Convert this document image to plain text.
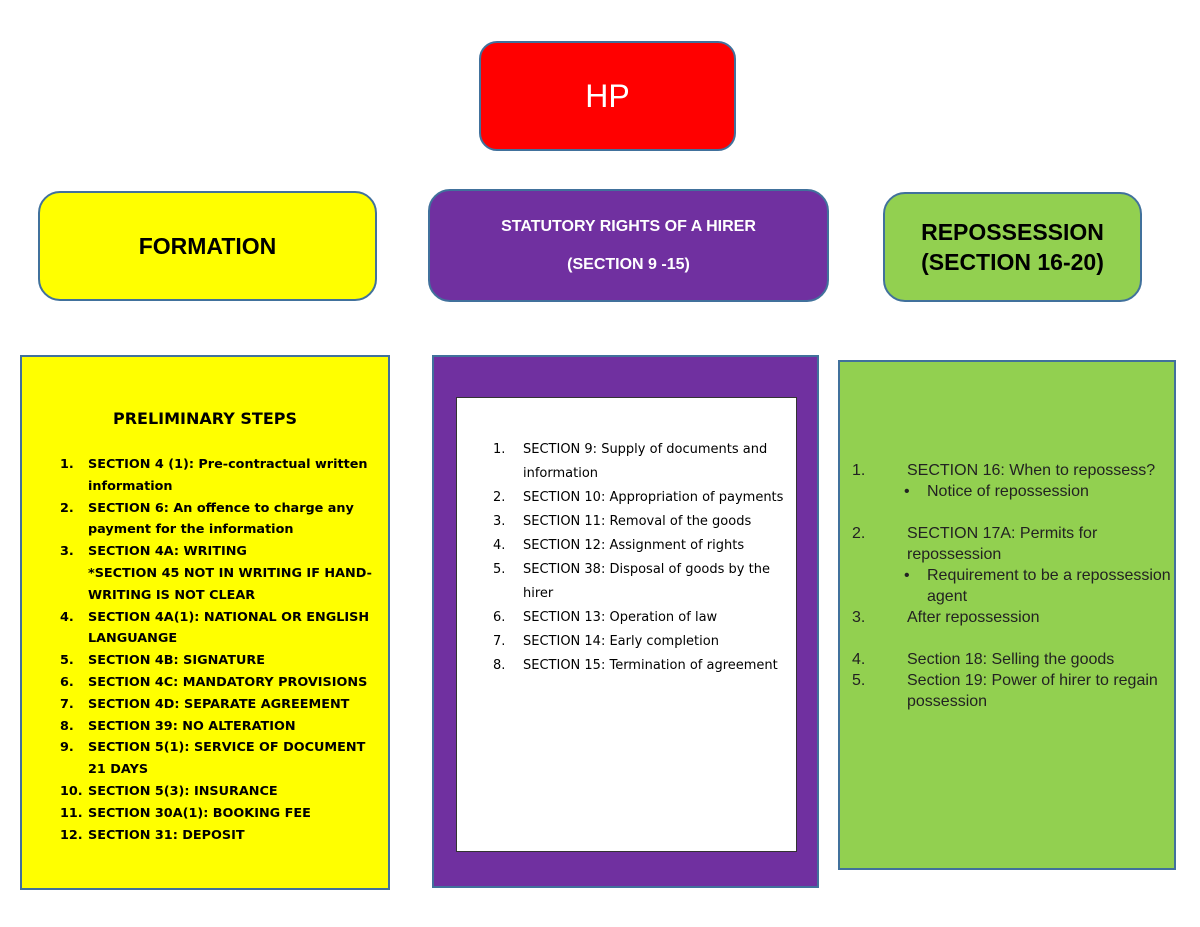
HP
FORMATION
STATUTORY RIGHTS OF A HIRER
(SECTION 9 -15)
REPOSSESSION
(SECTION 16-20)
PRELIMINARY STEPS
1. SECTION 4 (1): Pre-contractual written information
2. SECTION 6: An offence to charge any payment for the information
3. SECTION 4A: WRITING
*SECTION 45 NOT IN WRITING IF HAND-WRITING IS NOT CLEAR
4. SECTION 4A(1): NATIONAL OR ENGLISH LANGUANGE
5. SECTION 4B: SIGNATURE
6. SECTION 4C: MANDATORY PROVISIONS
7. SECTION 4D: SEPARATE AGREEMENT
8. SECTION 39: NO ALTERATION
9. SECTION 5(1): SERVICE OF DOCUMENT 21 DAYS
10. SECTION 5(3): INSURANCE
11. SECTION 30A(1): BOOKING FEE
12. SECTION 31: DEPOSIT
1. SECTION 9: Supply of documents and information
2. SECTION 10: Appropriation of payments
3. SECTION 11: Removal of the goods
4. SECTION 12: Assignment of rights
5. SECTION 38: Disposal of goods by the hirer
6. SECTION 13: Operation of law
7. SECTION 14: Early completion
8. SECTION 15: Termination of agreement
1.	SECTION 16: When to repossess?
• Notice of repossession
2.	SECTION 17A: Permits for repossession
• Requirement to be a repossession agent
3.	After repossession
4.	Section 18: Selling the goods
5.	Section 19: Power of hirer to regain possession
